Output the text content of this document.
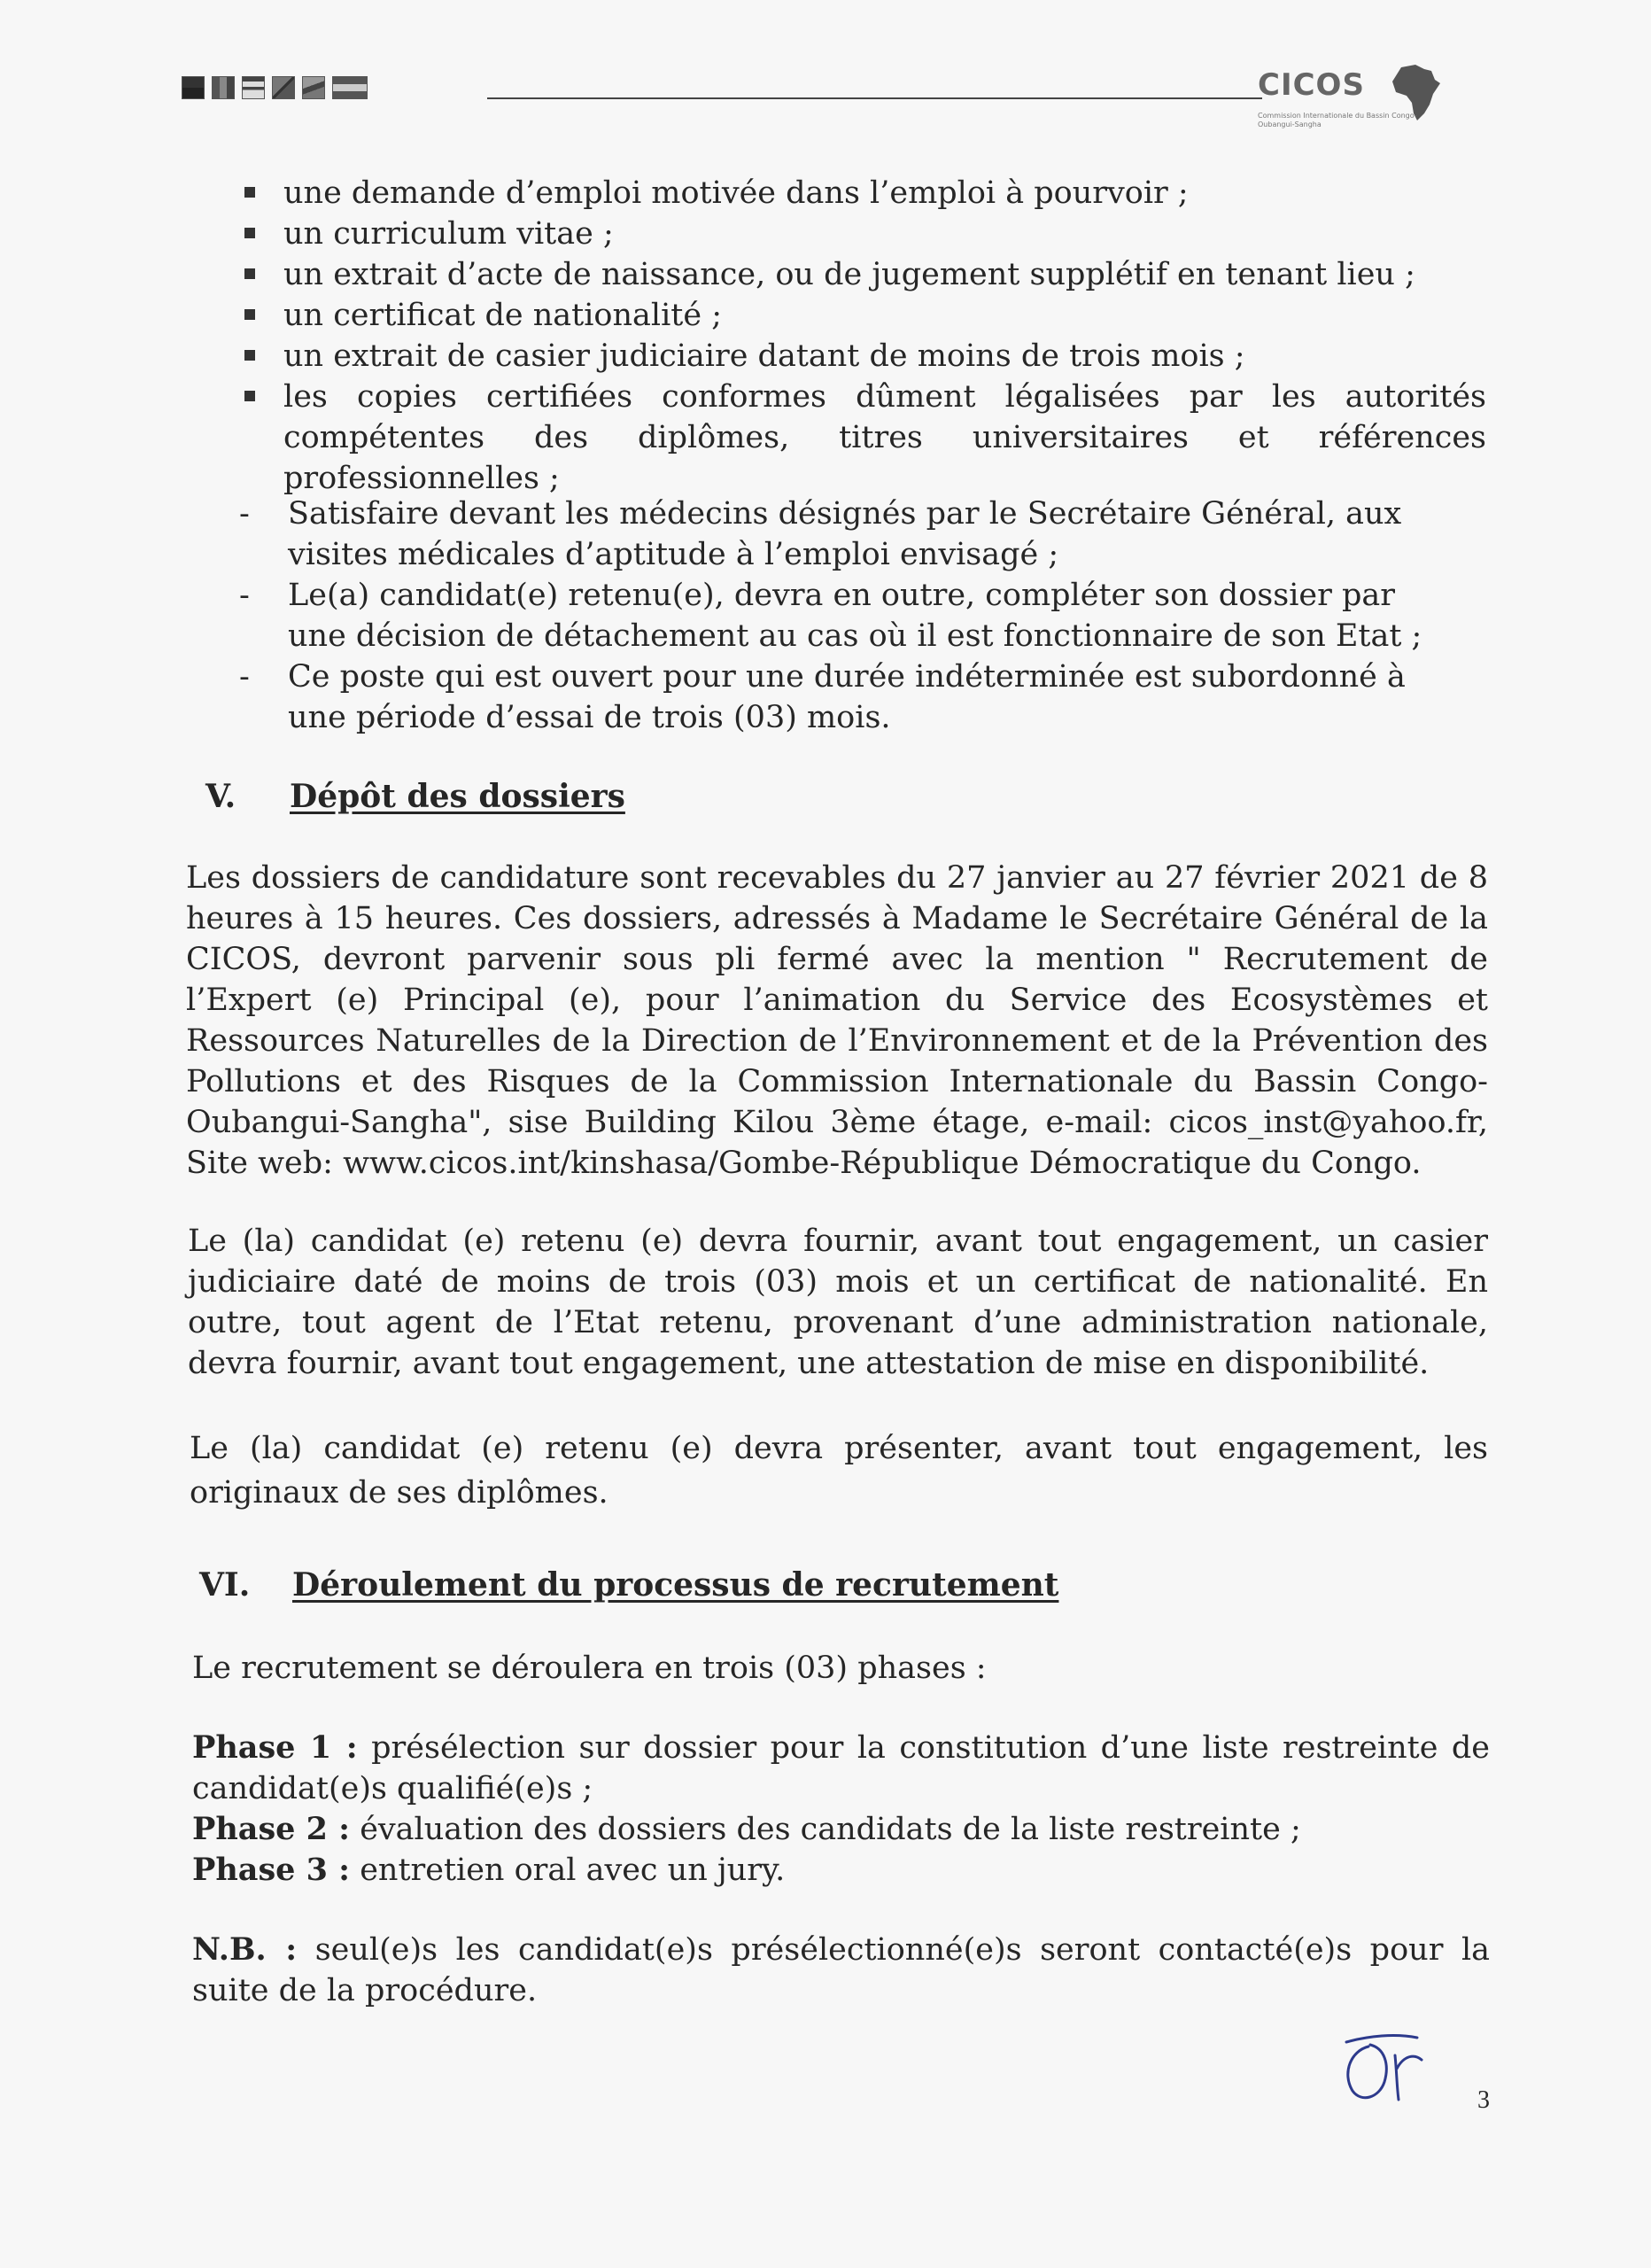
CICOS
Commission Internationale du Bassin Congo-Oubangui-Sangha
une demande d’emploi motivée dans l’emploi à pourvoir ;
un curriculum vitae ;
un extrait d’acte de naissance, ou de jugement supplétif en tenant lieu ;
un certificat de nationalité ;
un extrait de casier judiciaire datant de moins de trois mois ;
les copies certifiées conformes dûment légalisées par les autorités compétentes des diplômes, titres universitaires et références professionnelles ;
- Satisfaire devant les médecins désignés par le Secrétaire Général, aux visites médicales d’aptitude à l’emploi envisagé ;
- Le(a) candidat(e) retenu(e), devra en outre, compléter son dossier par une décision de détachement au cas où il est fonctionnaire de son Etat ;
- Ce poste qui est ouvert pour une durée indéterminée est subordonné à une période d’essai de trois (03) mois.
V. Dépôt des dossiers
Les dossiers de candidature sont recevables du 27 janvier au 27 février 2021 de 8 heures à 15 heures. Ces dossiers, adressés à Madame le Secrétaire Général de la CICOS, devront parvenir sous pli fermé avec la mention " Recrutement de l’Expert (e) Principal (e), pour l’animation du Service des Ecosystèmes et Ressources Naturelles de la Direction de l’Environnement et de la Prévention des Pollutions et des Risques de la Commission Internationale du Bassin Congo-Oubangui-Sangha", sise Building Kilou 3ème étage, e-mail: cicos_inst@yahoo.fr, Site web: www.cicos.int/kinshasa/Gombe-République Démocratique du Congo.
Le (la) candidat (e) retenu (e) devra fournir, avant tout engagement, un casier judiciaire daté de moins de trois (03) mois et un certificat de nationalité. En outre, tout agent de l’Etat retenu, provenant d’une administration nationale, devra fournir, avant tout engagement, une attestation de mise en disponibilité.
Le (la) candidat (e) retenu (e) devra présenter, avant tout engagement, les originaux de ses diplômes.
VI. Déroulement du processus de recrutement
Le recrutement se déroulera en trois (03) phases :

Phase 1 : présélection sur dossier pour la constitution d’une liste restreinte de candidat(e)s qualifié(e)s ;

Phase 2 : évaluation des dossiers des candidats de la liste restreinte ;

Phase 3 : entretien oral avec un jury.

N.B. : seul(e)s les candidat(e)s présélectionné(e)s seront contacté(e)s pour la suite de la procédure.

3
